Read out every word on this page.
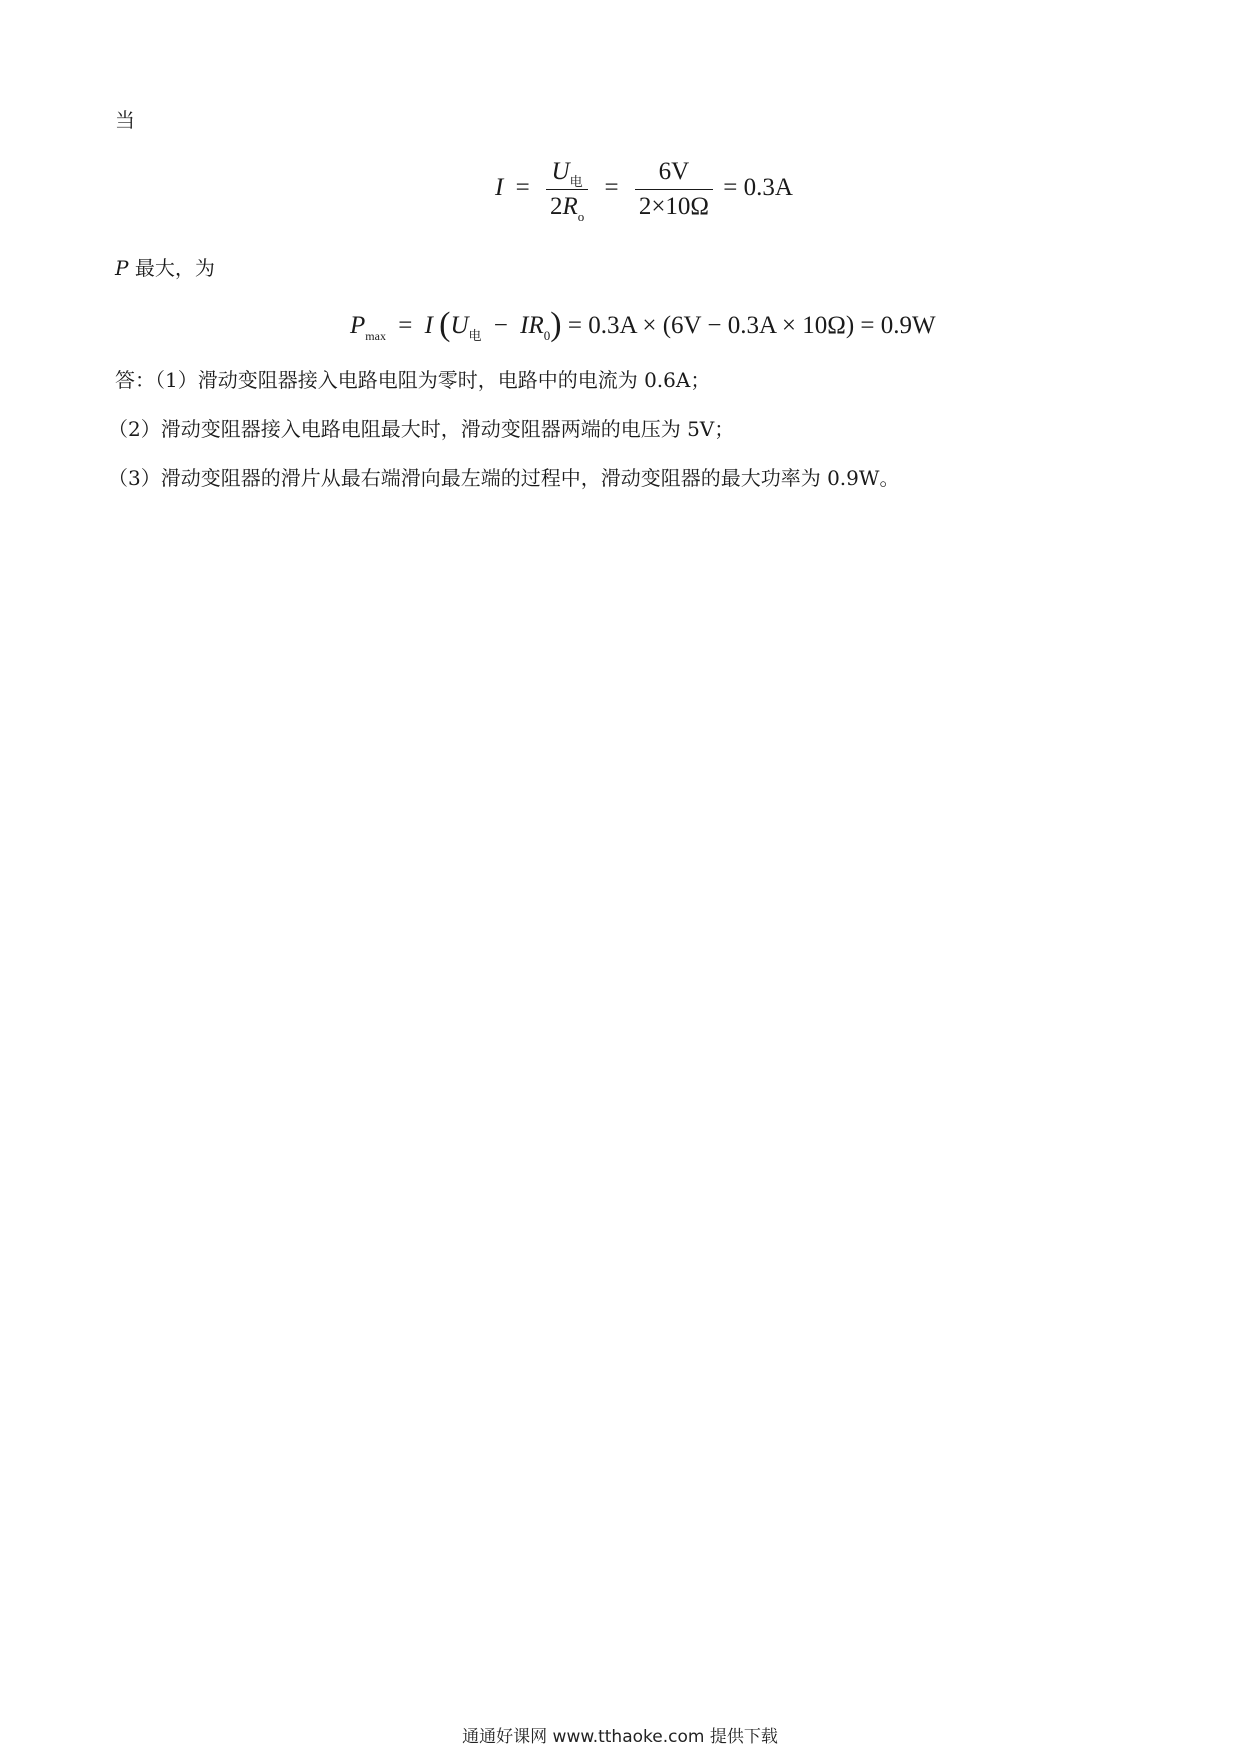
当
$I = \frac{U_电}{2R_o} = \frac{6V}{2\times 10\Omega} = 0.3A$
P 最大，为
$P_{max} = I$ $(U_电 - IR_0) = 0.3A \times (6V - 0.3A \times 10\Omega) = 0.9W$
答：（1）滑动变阻器接入电路电阻为零时，电路中的电流为 0.6A；
（2）滑动变阻器接入电路电阻最大时，滑动变阻器两端的电压为 5V；
（3）滑动变阻器的滑片从最右端滑向最左端的过程中，滑动变阻器的最大功率为 0.9W。
通通好课网 www.tthaoke.com 提供下载
